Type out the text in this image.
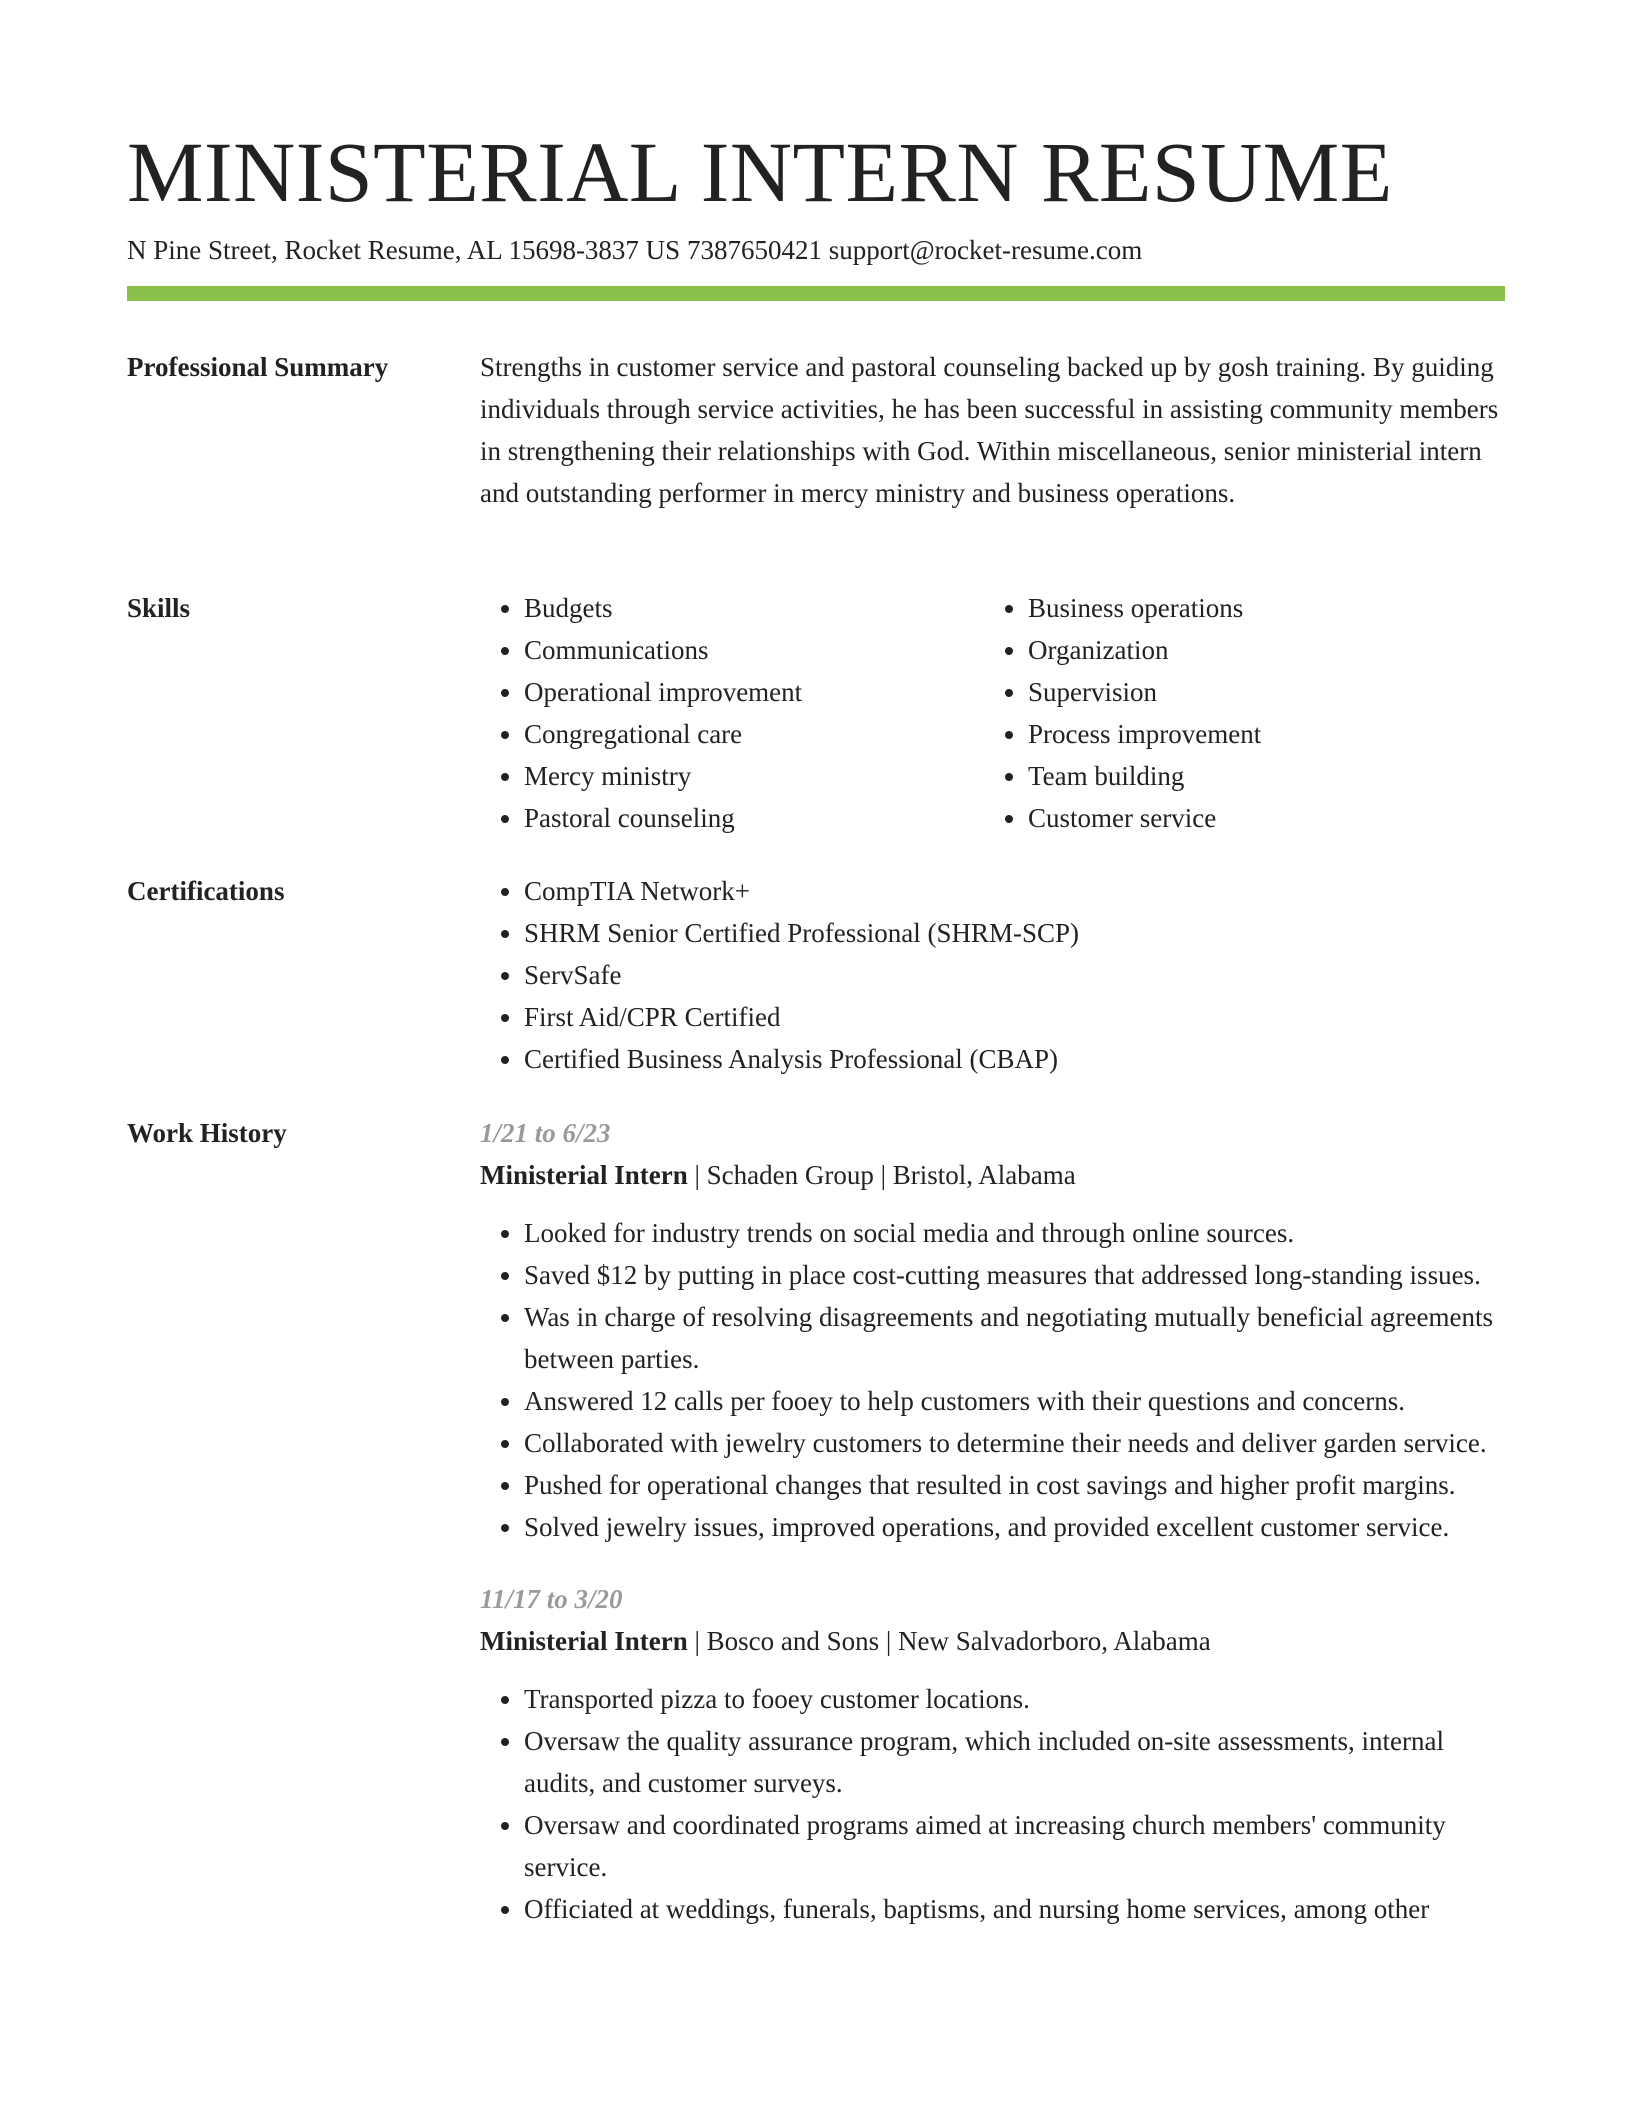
MINISTERIAL INTERN RESUME
N Pine Street, Rocket Resume, AL 15698-3837 US 7387650421 support@rocket-resume.com
Professional Summary	Strengths in customer service and pastoral counseling backed up by gosh training. By guiding individuals through service activities, he has been successful in assisting community members in strengthening their relationships with God. Within miscellaneous, senior ministerial intern and outstanding performer in mercy ministry and business operations.

Skills	• Budgets
• Communications
• Operational improvement
• Congregational care
• Mercy ministry
• Pastoral counseling
• Business operations
• Organization
• Supervision
• Process improvement
• Team building
• Customer service
Certifications	• CompTIA Network+
• SHRM Senior Certified Professional (SHRM-SCP)
• ServSafe
• First Aid/CPR Certified
• Certified Business Analysis Professional (CBAP)
Work History	1/21 to 6/23
Ministerial Intern | Schaden Group | Bristol, Alabama
• Looked for industry trends on social media and through online sources.
• Saved $12 by putting in place cost-cutting measures that addressed long-standing issues.
• Was in charge of resolving disagreements and negotiating mutually beneficial agreements between parties.
• Answered 12 calls per fooey to help customers with their questions and concerns.
• Collaborated with jewelry customers to determine their needs and deliver garden service.
• Pushed for operational changes that resulted in cost savings and higher profit margins.
• Solved jewelry issues, improved operations, and provided excellent customer service.
11/17 to 3/20
Ministerial Intern | Bosco and Sons | New Salvadorboro, Alabama
• Transported pizza to fooey customer locations.
• Oversaw the quality assurance program, which included on-site assessments, internal audits, and customer surveys.
• Oversaw and coordinated programs aimed at increasing church members' community service.
• Officiated at weddings, funerals, baptisms, and nursing home services, among other
